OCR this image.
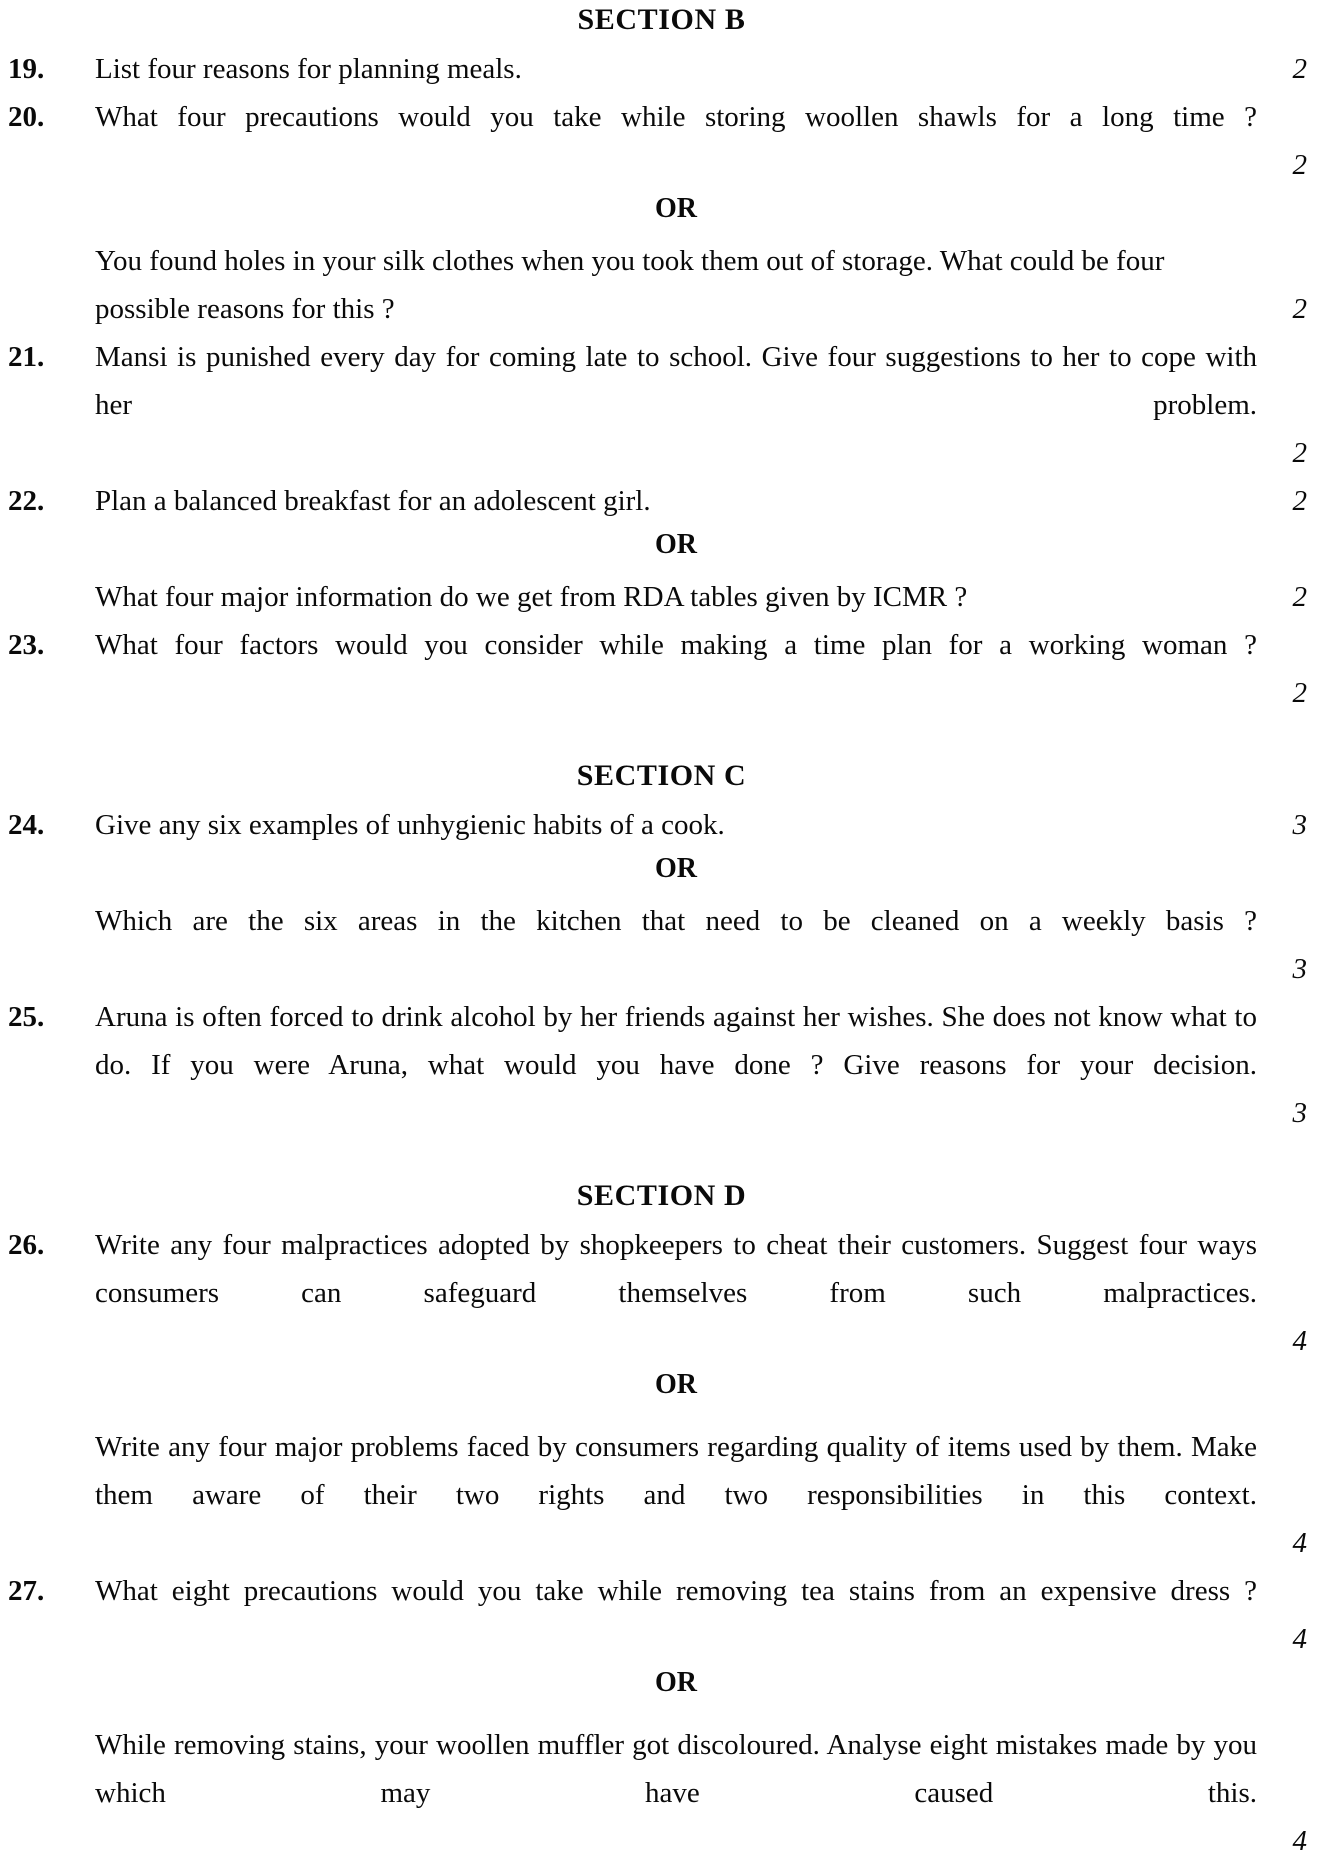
SECTION B
19.	List four reasons for planning meals.	2
20.	What four precautions would you take while storing woollen shawls for a long time ?

2
OR

You found holes in your silk clothes when you took them out of storage. What could be four possible reasons for this ?	2
21.	Mansi is punished every day for coming late to school. Give four suggestions to her to cope with her problem.

2
22.	Plan a balanced breakfast for an adolescent girl.	2
OR

What four major information do we get from RDA tables given by ICMR ?	2
23.	What four factors would you consider while making a time plan for a working woman ?

2
SECTION C
24.	Give any six examples of unhygienic habits of a cook.	3
OR

Which are the six areas in the kitchen that need to be cleaned on a weekly basis ?

3
25.	Aruna is often forced to drink alcohol by her friends against her wishes. She does not know what to do. If you were Aruna, what would you have done ? Give reasons for your decision.

3
SECTION D
26.	Write any four malpractices adopted by shopkeepers to cheat their customers. Suggest four ways consumers can safeguard themselves from such malpractices.

4
OR

Write any four major problems faced by consumers regarding quality of items used by them. Make them aware of their two rights and two responsibilities in this context.

4
27.	What eight precautions would you take while removing tea stains from an expensive dress ?

4
OR

While removing stains, your woollen muffler got discoloured. Analyse eight mistakes made by you which may have caused this.

4
